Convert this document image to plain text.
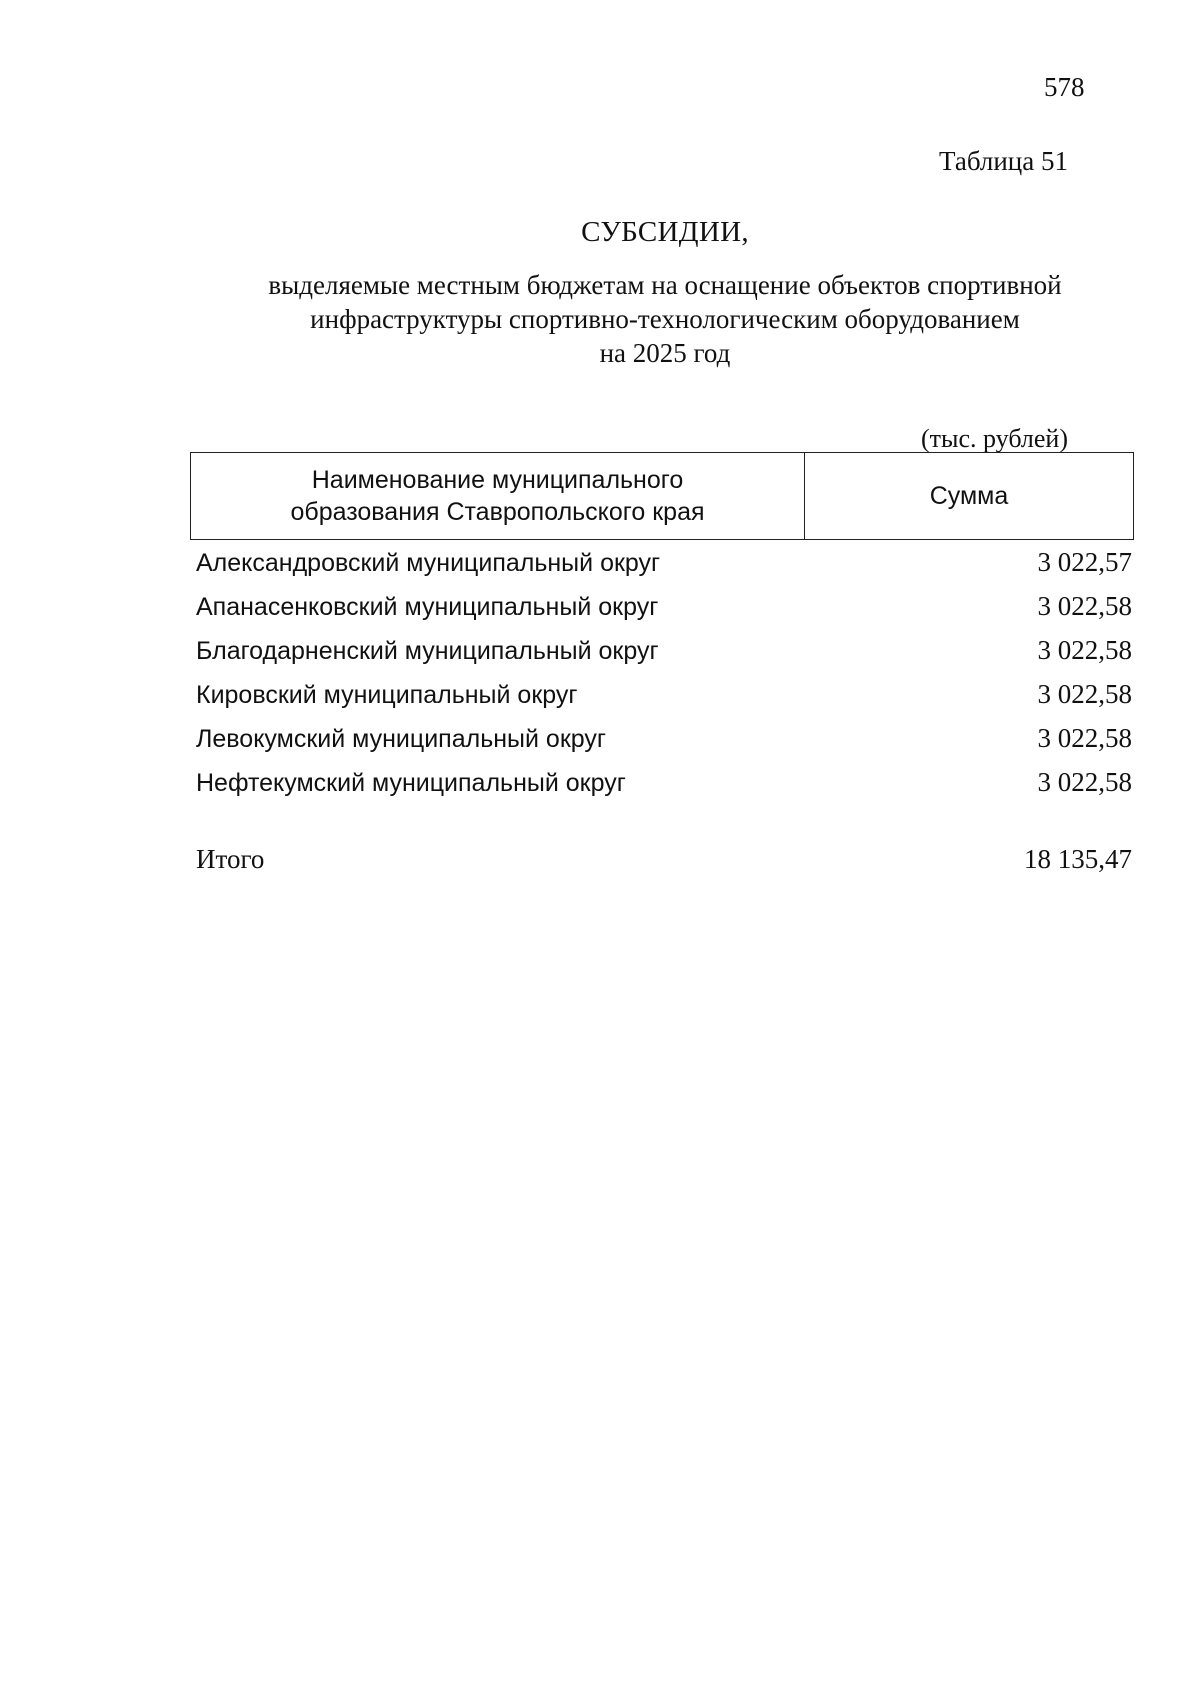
578
Таблица 51
СУБСИДИИ,
выделяемые местным бюджетам на оснащение объектов спортивной
инфраструктуры спортивно-технологическим оборудованием
на 2025 год
(тыс. рублей)
Наименование муниципального
образования Ставропольского края
Сумма
Александровский муниципальный округ	3 022,57
Апанасенковский муниципальный округ	3 022,58
Благодарненский муниципальный округ	3 022,58
Кировский муниципальный округ	3 022,58
Левокумский муниципальный округ	3 022,58
Нефтекумский муниципальный округ	3 022,58
Итого	18 135,47
